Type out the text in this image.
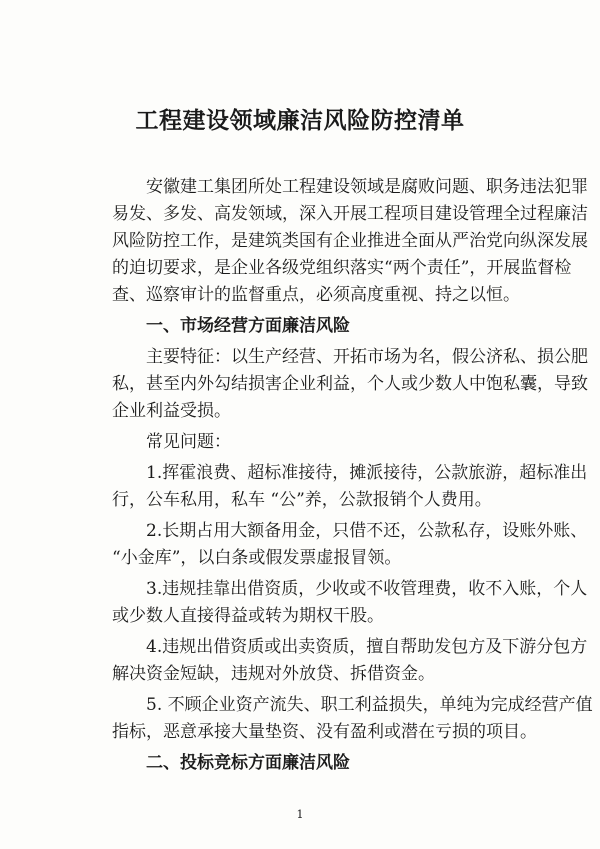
工程建设领域廉洁风险防控清单
安徽建工集团所处工程建设领域是腐败问题、职务违法犯罪
易发、多发、高发领域，深入开展工程项目建设管理全过程廉洁
风险防控工作，是建筑类国有企业推进全面从严治党向纵深发展
的迫切要求，是企业各级党组织落实“两个责任”，开展监督检
查、巡察审计的监督重点，必须高度重视、持之以恒。
一、市场经营方面廉洁风险
主要特征：以生产经营、开拓市场为名，假公济私、损公肥
私，甚至内外勾结损害企业利益，个人或少数人中饱私囊，导致
企业利益受损。
常见问题：
1.挥霍浪费、超标准接待，摊派接待，公款旅游，超标准出
行，公车私用，私车 “公”养，公款报销个人费用。
2.长期占用大额备用金，只借不还，公款私存，设账外账、
“小金库”，以白条或假发票虚报冒领。
3.违规挂靠出借资质，少收或不收管理费，收不入账，个人
或少数人直接得益或转为期权干股。
4.违规出借资质或出卖资质，擅自帮助发包方及下游分包方
解决资金短缺，违规对外放贷、拆借资金。
5. 不顾企业资产流失、职工利益损失，单纯为完成经营产值
指标，恶意承接大量垫资、没有盈利或潜在亏损的项目。
二、投标竞标方面廉洁风险
1
